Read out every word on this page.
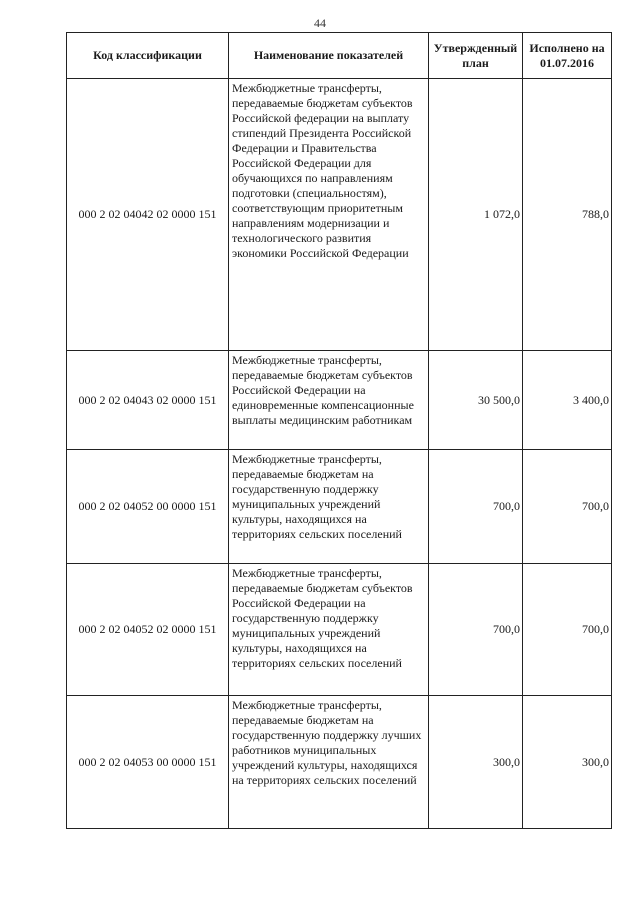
44
Код классификации	Наименование показателей	Утвержденный план	Исполнено на 01.07.2016
000 2 02 04042 02 0000 151	Межбюджетные трансферты, передаваемые бюджетам субъектов Российской федерации на выплату стипендий Президента Российской Федерации и Правительства Российской Федерации для обучающихся по направлениям подготовки (специальностям), соответствующим приоритетным направлениям модернизации и технологического развития экономики Российской Федерации	1 072,0	788,0
000 2 02 04043 02 0000 151	Межбюджетные трансферты, передаваемые бюджетам субъектов Российской Федерации на единовременные компенсационные выплаты медицинским работникам	30 500,0	3 400,0
000 2 02 04052 00 0000 151	Межбюджетные трансферты, передаваемые бюджетам на государственную поддержку муниципальных учреждений культуры, находящихся на территориях сельских поселений	700,0	700,0
000 2 02 04052 02 0000 151	Межбюджетные трансферты, передаваемые бюджетам субъектов Российской Федерации на государственную поддержку муниципальных учреждений культуры, находящихся на территориях сельских поселений	700,0	700,0
000 2 02 04053 00 0000 151	Межбюджетные трансферты, передаваемые бюджетам на государственную поддержку лучших работников муниципальных учреждений культуры, находящихся на территориях сельских поселений	300,0	300,0
